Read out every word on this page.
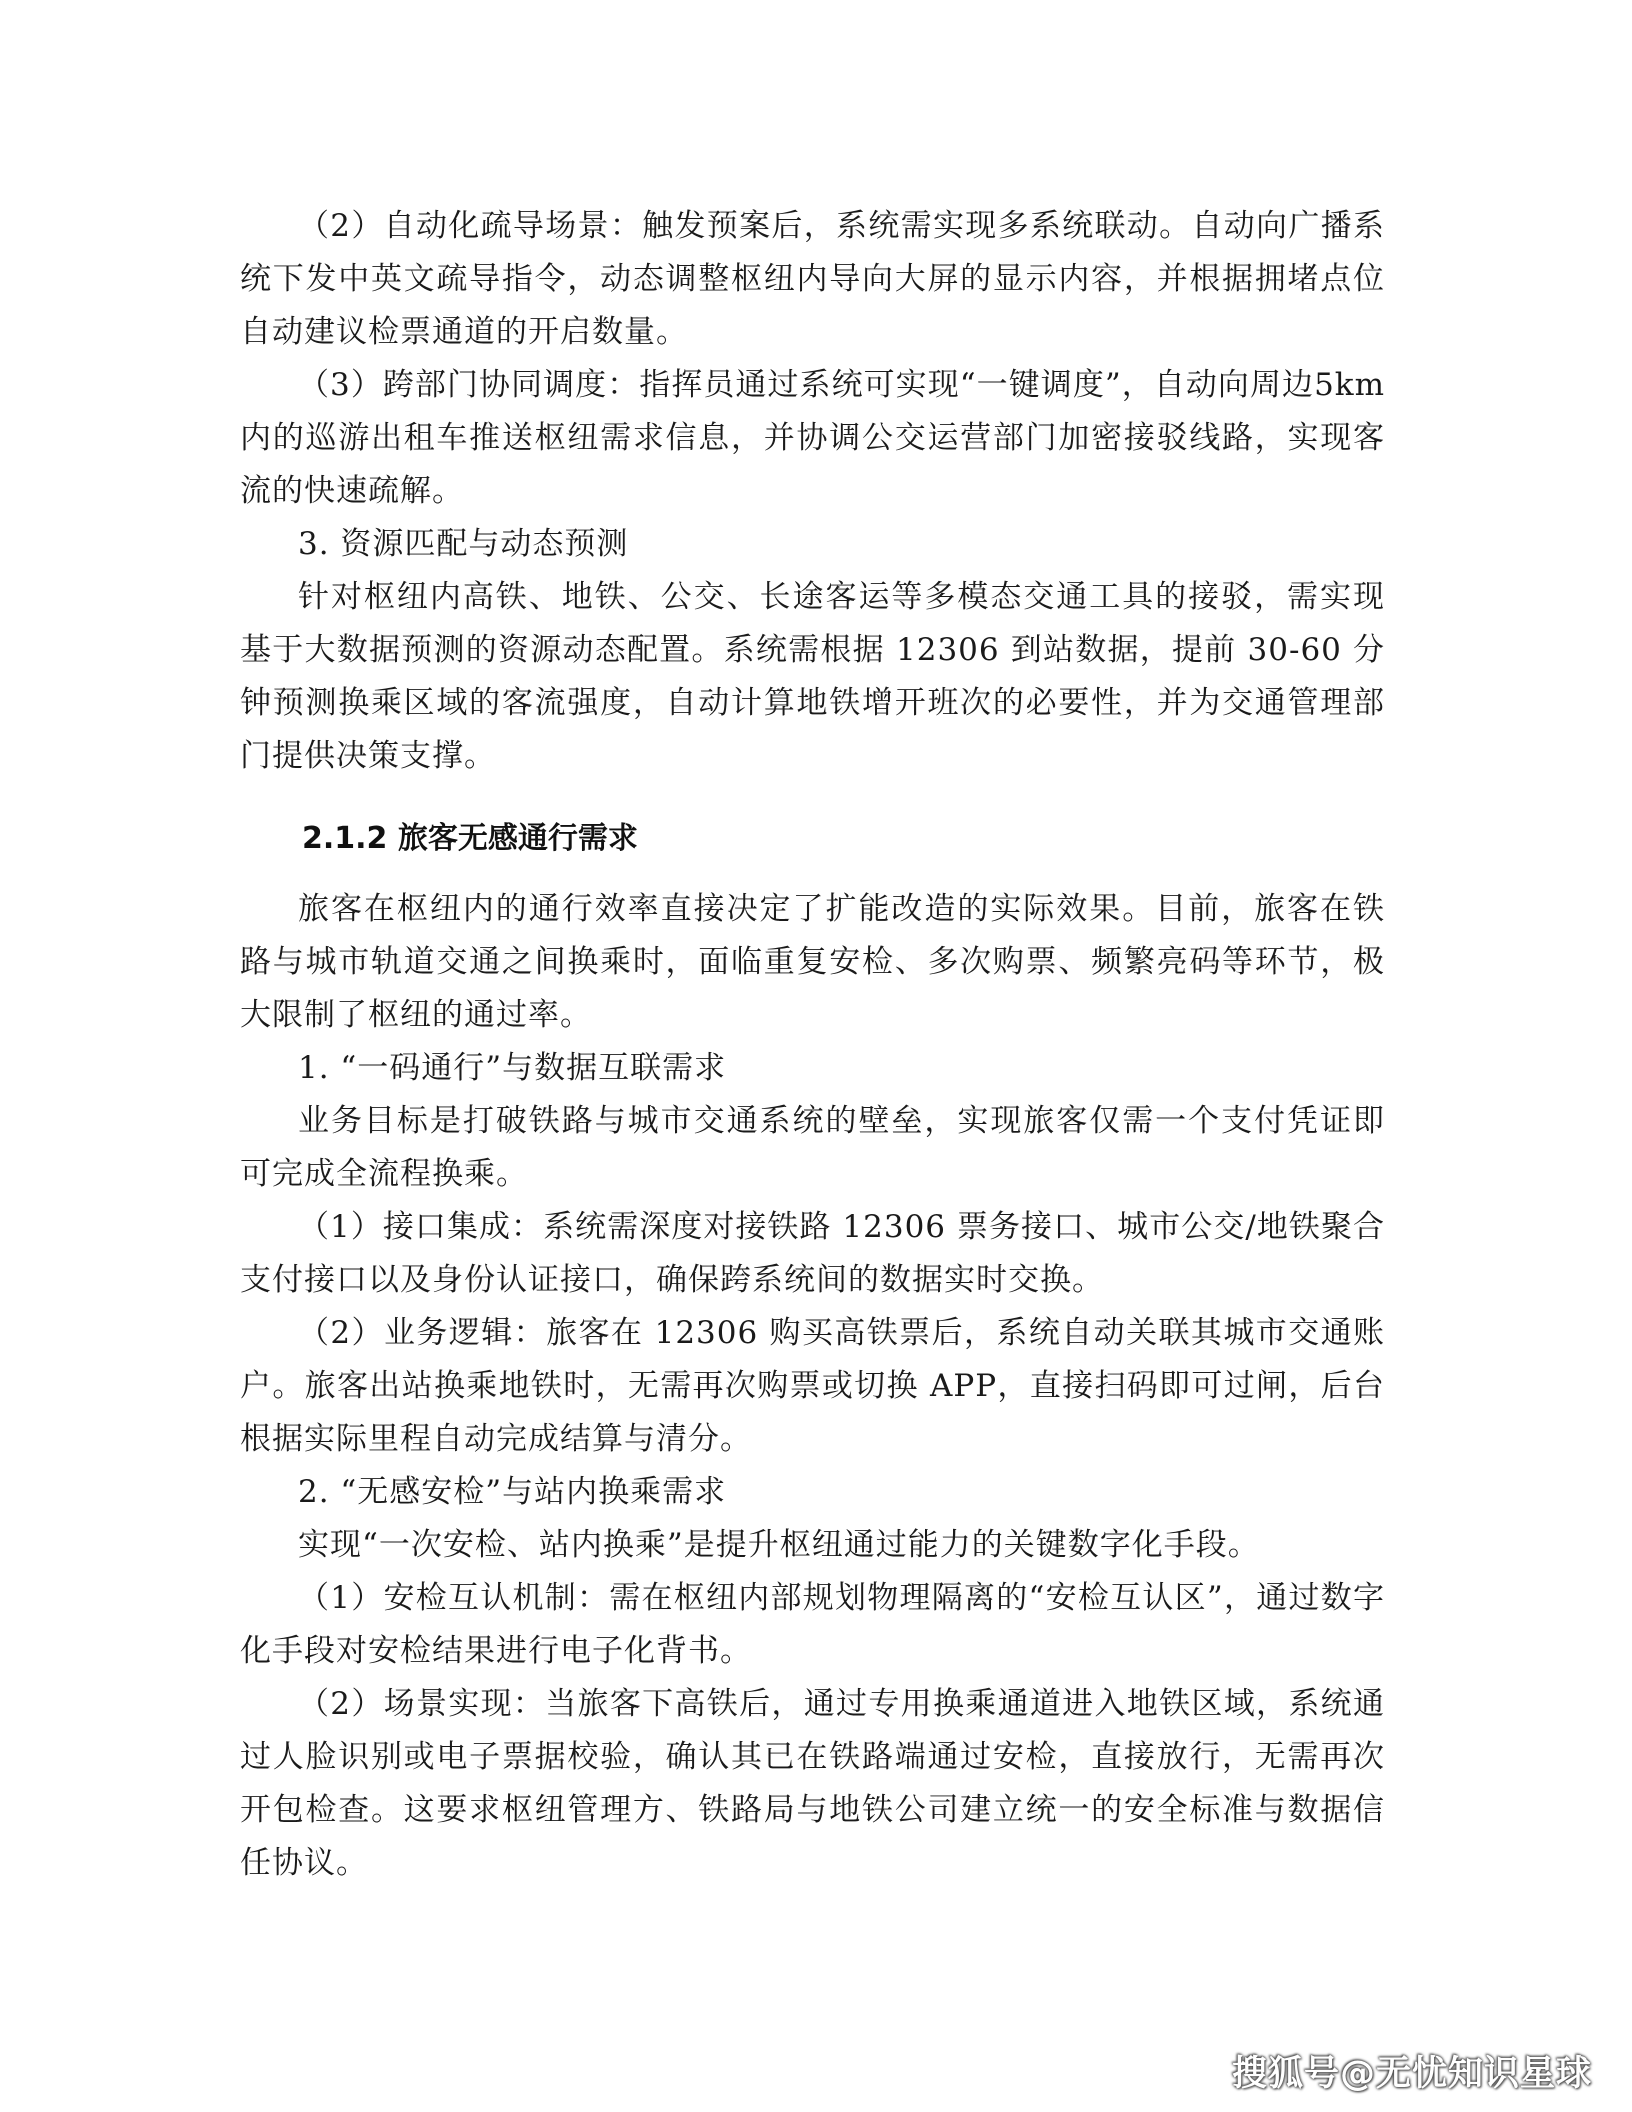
（2）自动化疏导场景：触发预案后，系统需实现多系统联动。自动向广播系统下发中英文疏导指令，动态调整枢纽内导向大屏的显示内容，并根据拥堵点位自动建议检票通道的开启数量。

（3）跨部门协同调度：指挥员通过系统可实现“一键调度”，自动向周边5km 内的巡游出租车推送枢纽需求信息，并协调公交运营部门加密接驳线路，实现客流的快速疏解。

3. 资源匹配与动态预测

针对枢纽内高铁、地铁、公交、长途客运等多模态交通工具的接驳，需实现基于大数据预测的资源动态配置。系统需根据 12306 到站数据，提前 30-60 分钟预测换乘区域的客流强度，自动计算地铁增开班次的必要性，并为交通管理部门提供决策支撑。

2.1.2 旅客无感通行需求

旅客在枢纽内的通行效率直接决定了扩能改造的实际效果。目前，旅客在铁路与城市轨道交通之间换乘时，面临重复安检、多次购票、频繁亮码等环节，极大限制了枢纽的通过率。

1. “一码通行”与数据互联需求

业务目标是打破铁路与城市交通系统的壁垒，实现旅客仅需一个支付凭证即可完成全流程换乘。

（1）接口集成：系统需深度对接铁路 12306 票务接口、城市公交/地铁聚合支付接口以及身份认证接口，确保跨系统间的数据实时交换。

（2）业务逻辑：旅客在 12306 购买高铁票后，系统自动关联其城市交通账户。旅客出站换乘地铁时，无需再次购票或切换 APP，直接扫码即可过闸，后台根据实际里程自动完成结算与清分。

2. “无感安检”与站内换乘需求

实现“一次安检、站内换乘”是提升枢纽通过能力的关键数字化手段。

（1）安检互认机制：需在枢纽内部规划物理隔离的“安检互认区”，通过数字化手段对安检结果进行电子化背书。

（2）场景实现：当旅客下高铁后，通过专用换乘通道进入地铁区域，系统通过人脸识别或电子票据校验，确认其已在铁路端通过安检，直接放行，无需再次开包检查。这要求枢纽管理方、铁路局与地铁公司建立统一的安全标准与数据信任协议。

搜狐号@无忧知识星球
